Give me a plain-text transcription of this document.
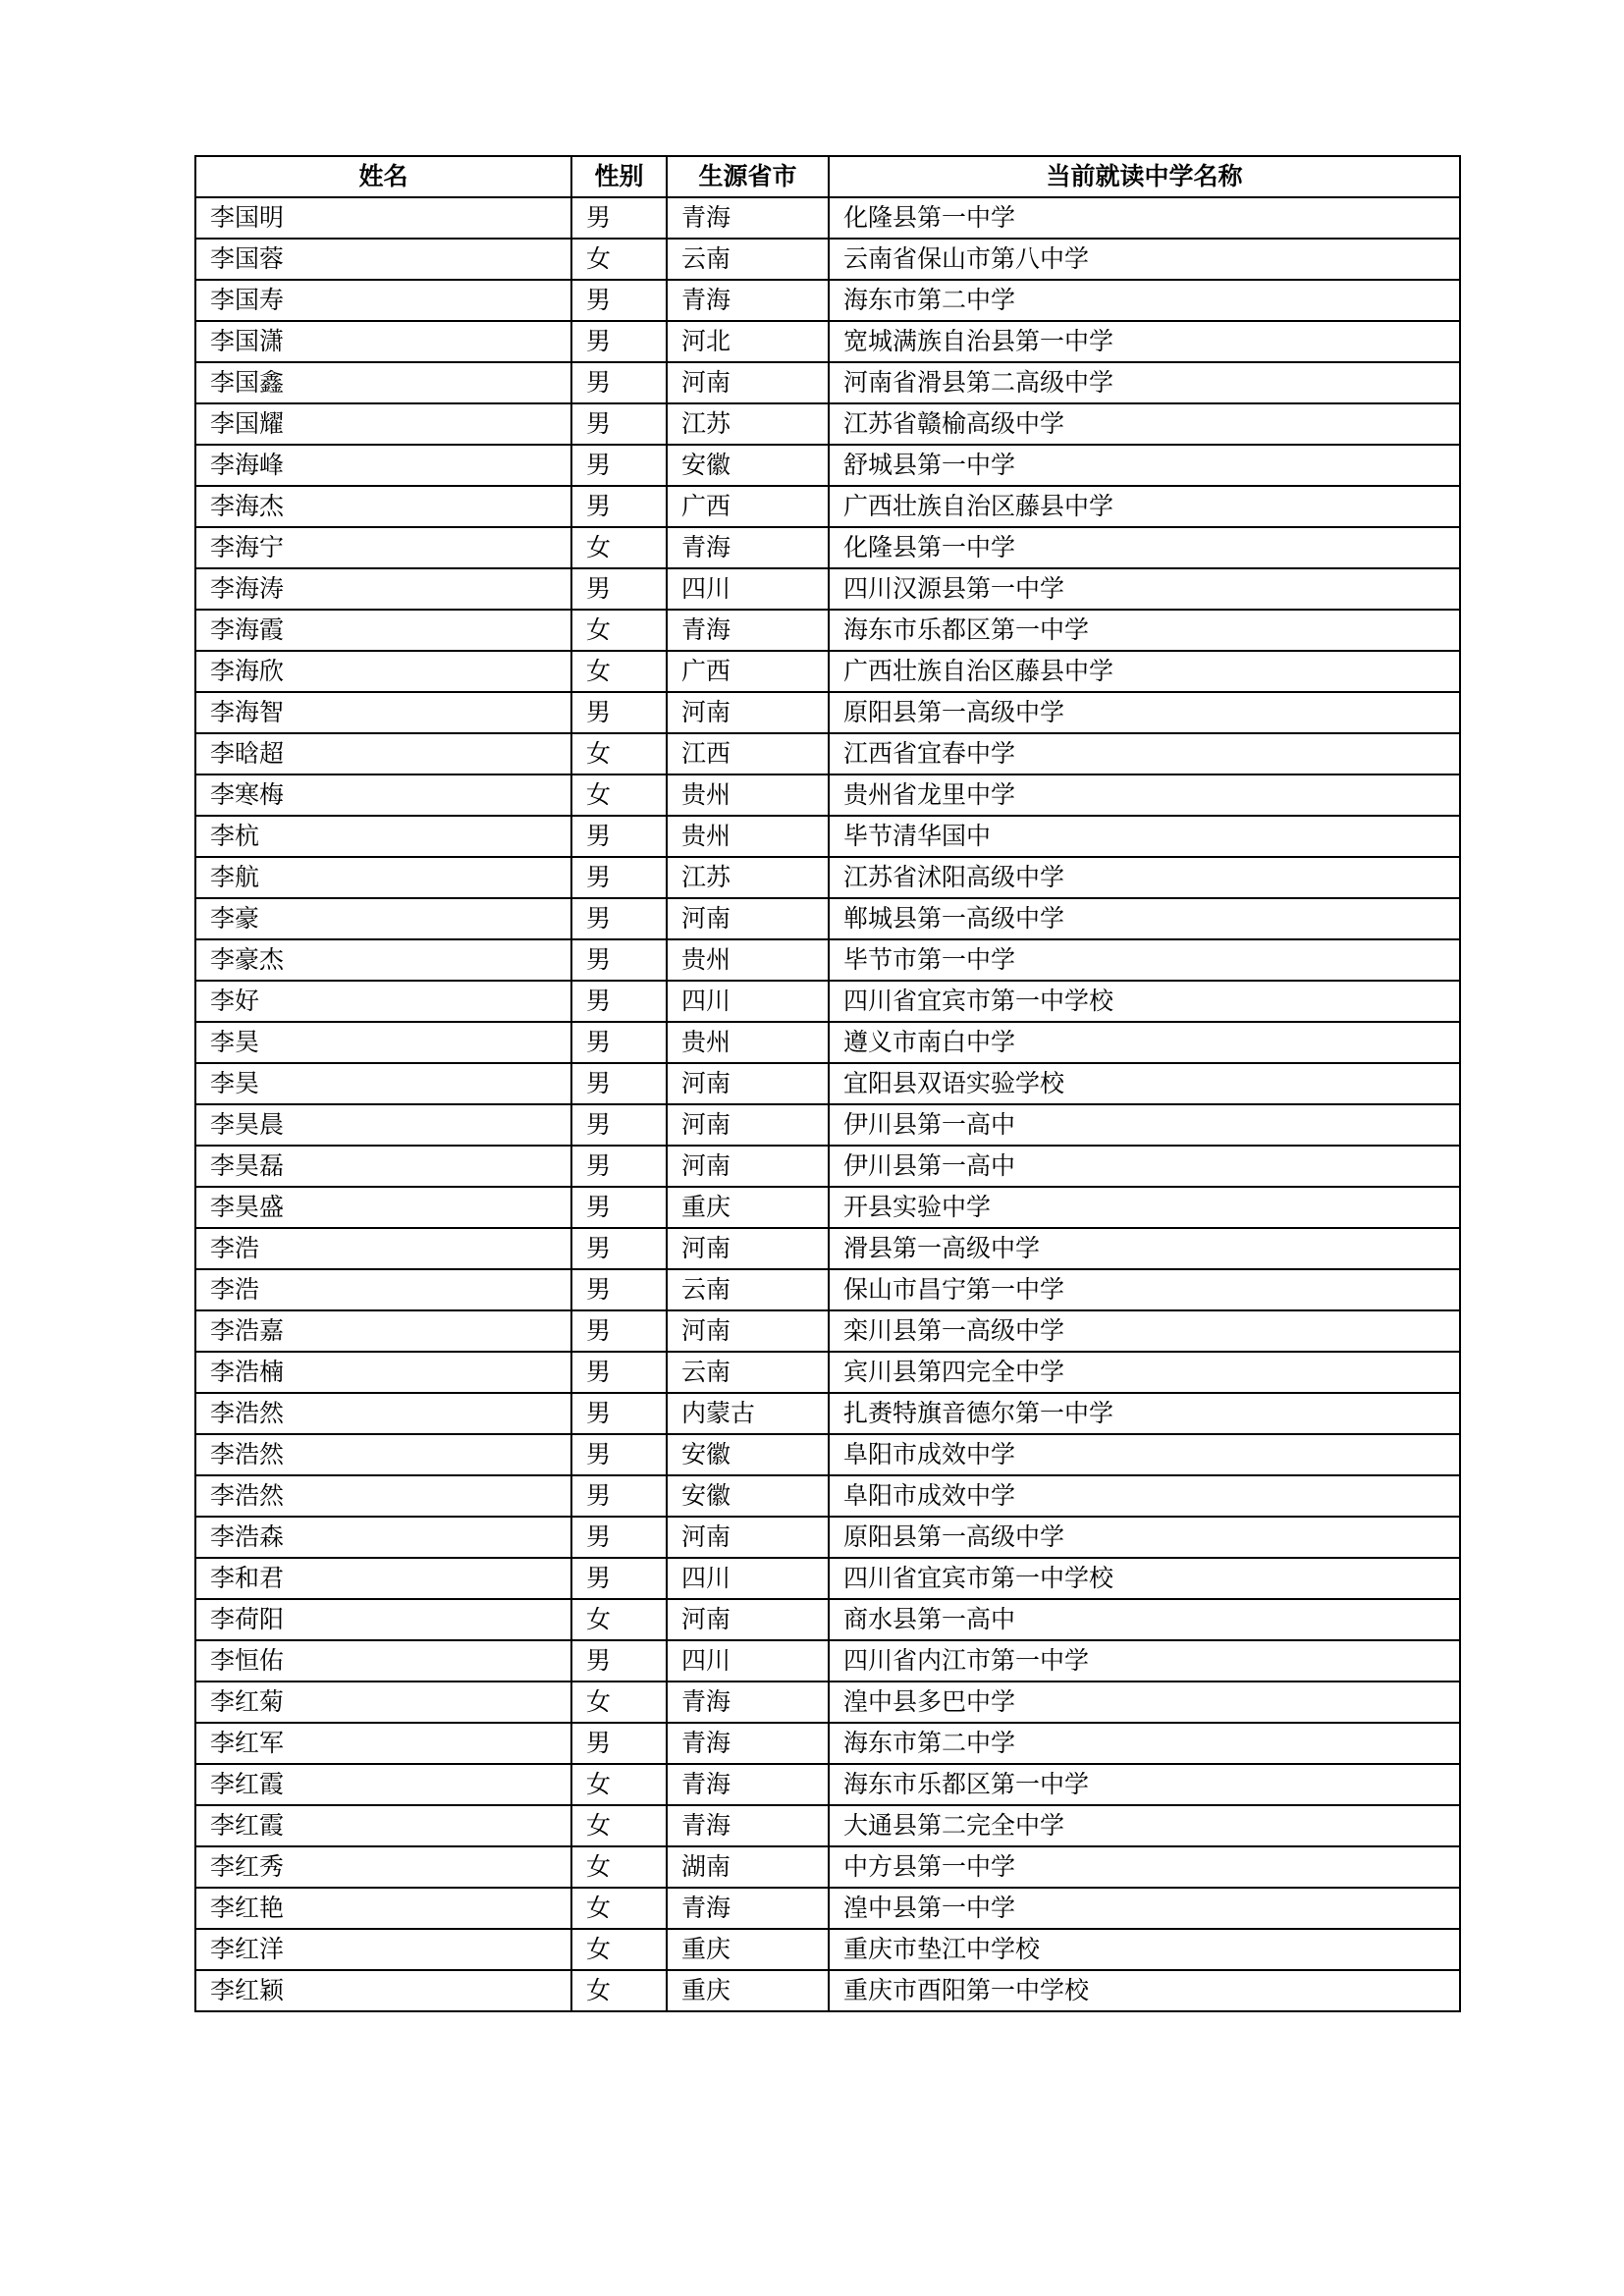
姓名	性别	生源省市	当前就读中学名称
李国明	男	青海	化隆县第一中学
李国蓉	女	云南	云南省保山市第八中学
李国寿	男	青海	海东市第二中学
李国潇	男	河北	宽城满族自治县第一中学
李国鑫	男	河南	河南省滑县第二高级中学
李国耀	男	江苏	江苏省赣榆高级中学
李海峰	男	安徽	舒城县第一中学
李海杰	男	广西	广西壮族自治区藤县中学
李海宁	女	青海	化隆县第一中学
李海涛	男	四川	四川汉源县第一中学
李海霞	女	青海	海东市乐都区第一中学
李海欣	女	广西	广西壮族自治区藤县中学
李海智	男	河南	原阳县第一高级中学
李晗超	女	江西	江西省宜春中学
李寒梅	女	贵州	贵州省龙里中学
李杭	男	贵州	毕节清华国中
李航	男	江苏	江苏省沭阳高级中学
李豪	男	河南	郸城县第一高级中学
李豪杰	男	贵州	毕节市第一中学
李好	男	四川	四川省宜宾市第一中学校
李昊	男	贵州	遵义市南白中学
李昊	男	河南	宜阳县双语实验学校
李昊晨	男	河南	伊川县第一高中
李昊磊	男	河南	伊川县第一高中
李昊盛	男	重庆	开县实验中学
李浩	男	河南	滑县第一高级中学
李浩	男	云南	保山市昌宁第一中学
李浩嘉	男	河南	栾川县第一高级中学
李浩楠	男	云南	宾川县第四完全中学
李浩然	男	内蒙古	扎赉特旗音德尔第一中学
李浩然	男	安徽	阜阳市成效中学
李浩然	男	安徽	阜阳市成效中学
李浩森	男	河南	原阳县第一高级中学
李和君	男	四川	四川省宜宾市第一中学校
李荷阳	女	河南	商水县第一高中
李恒佑	男	四川	四川省内江市第一中学
李红菊	女	青海	湟中县多巴中学
李红军	男	青海	海东市第二中学
李红霞	女	青海	海东市乐都区第一中学
李红霞	女	青海	大通县第二完全中学
李红秀	女	湖南	中方县第一中学
李红艳	女	青海	湟中县第一中学
李红洋	女	重庆	重庆市垫江中学校
李红颖	女	重庆	重庆市酉阳第一中学校
